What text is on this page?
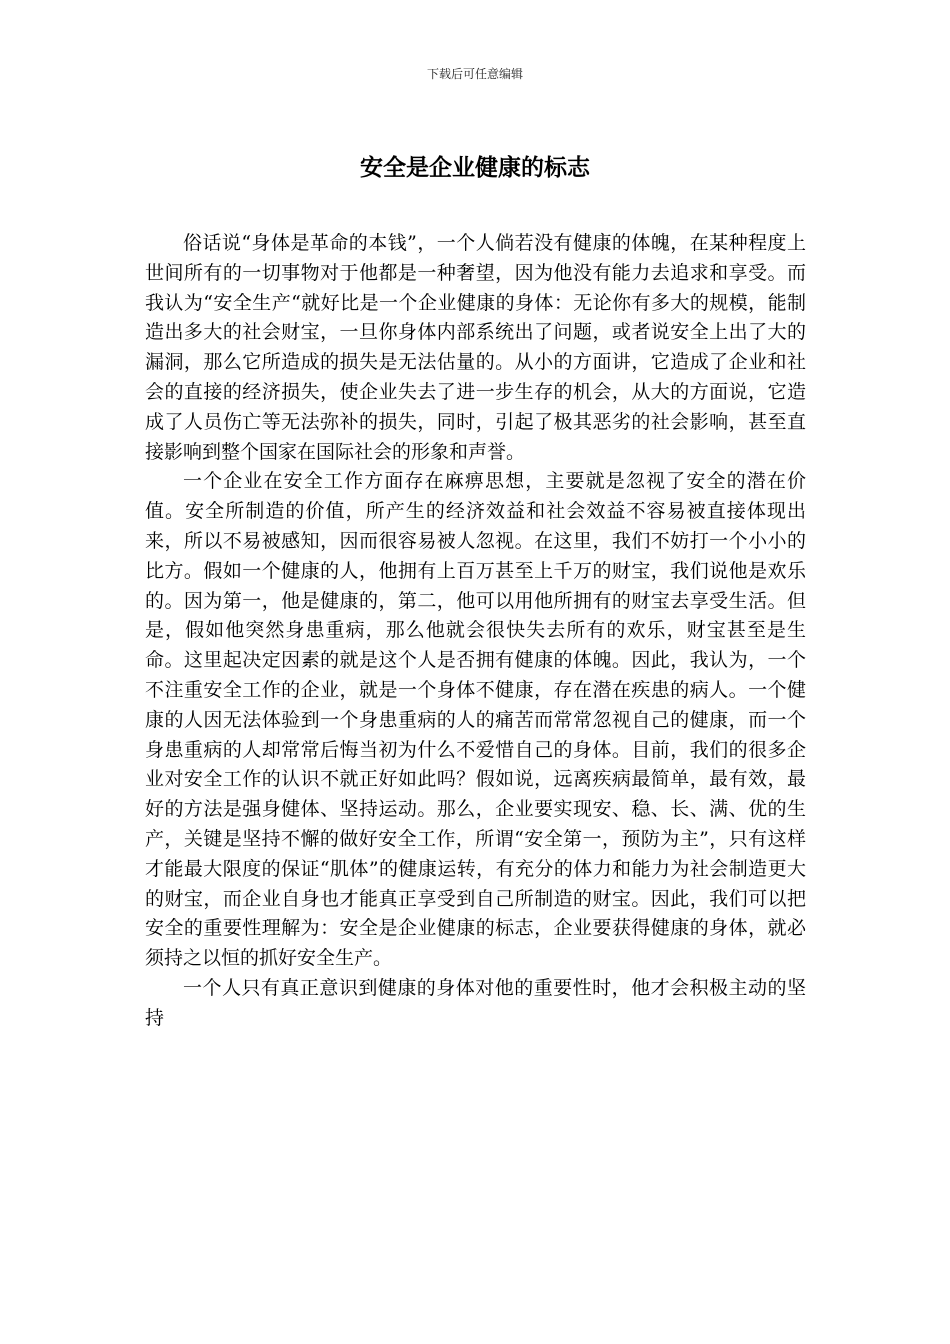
下载后可任意编辑
安全是企业健康的标志

俗话说“身体是革命的本钱”，一个人倘若没有健康的体魄，在某种程度上世间所有的一切事物对于他都是一种奢望，因为他没有能力去追求和享受。而我认为“安全生产“就好比是一个企业健康的身体：无论你有多大的规模，能制造出多大的社会财宝，一旦你身体内部系统出了问题，或者说安全上出了大的漏洞，那么它所造成的损失是无法估量的。从小的方面讲，它造成了企业和社会的直接的经济损失，使企业失去了进一步生存的机会，从大的方面说，它造成了人员伤亡等无法弥补的损失，同时，引起了极其恶劣的社会影响，甚至直接影响到整个国家在国际社会的形象和声誉。

一个企业在安全工作方面存在麻痹思想，主要就是忽视了安全的潜在价值。安全所制造的价值，所产生的经济效益和社会效益不容易被直接体现出来，所以不易被感知，因而很容易被人忽视。在这里，我们不妨打一个小小的比方。假如一个健康的人，他拥有上百万甚至上千万的财宝，我们说他是欢乐的。因为第一，他是健康的，第二，他可以用他所拥有的财宝去享受生活。但是，假如他突然身患重病，那么他就会很快失去所有的欢乐，财宝甚至是生命。这里起决定因素的就是这个人是否拥有健康的体魄。因此，我认为，一个不注重安全工作的企业，就是一个身体不健康，存在潜在疾患的病人。一个健康的人因无法体验到一个身患重病的人的痛苦而常常忽视自己的健康，而一个身患重病的人却常常后悔当初为什么不爱惜自己的身体。目前，我们的很多企业对安全工作的认识不就正好如此吗？假如说，远离疾病最简单，最有效，最好的方法是强身健体、坚持运动。那么，企业要实现安、稳、长、满、优的生产，关键是坚持不懈的做好安全工作，所谓“安全第一，预防为主”，只有这样才能最大限度的保证“肌体”的健康运转，有充分的体力和能力为社会制造更大的财宝，而企业自身也才能真正享受到自己所制造的财宝。因此，我们可以把安全的重要性理解为：安全是企业健康的标志，企业要获得健康的身体，就必须持之以恒的抓好安全生产。

一个人只有真正意识到健康的身体对他的重要性时，他才会积极主动的坚持
